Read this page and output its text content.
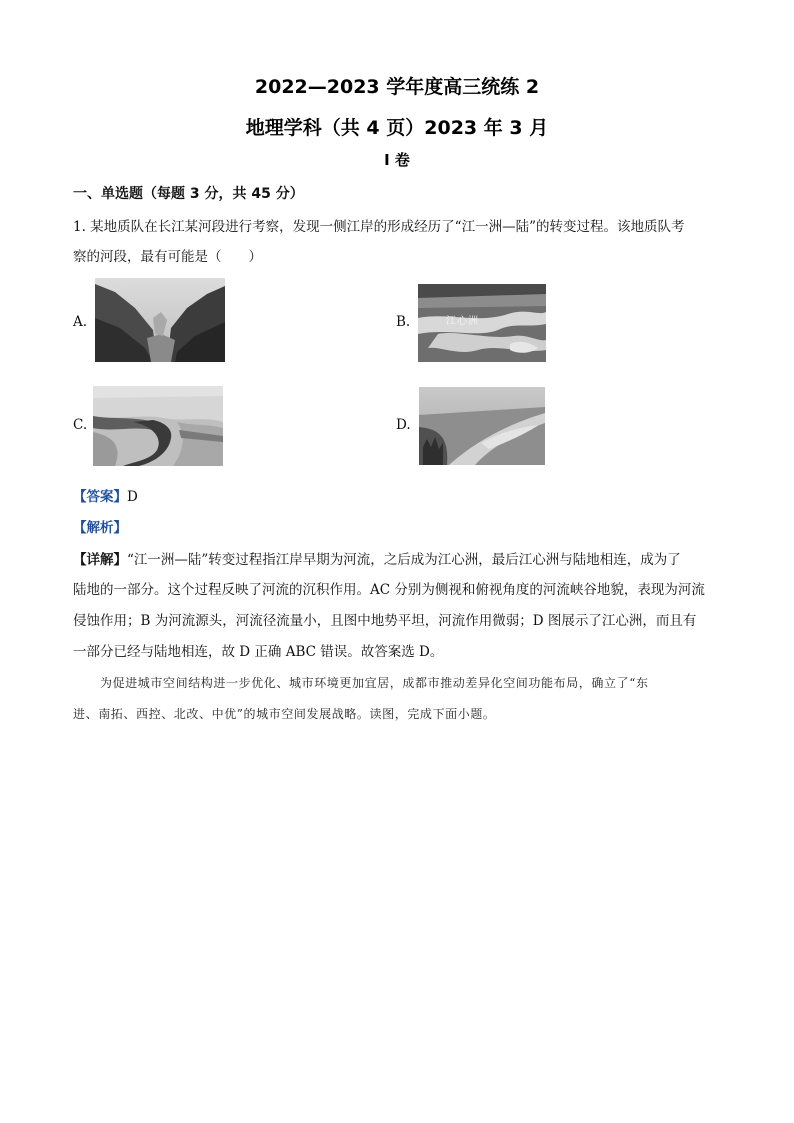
2022—2023 学年度高三统练 2
地理学科（共 4 页）2023 年 3 月
I 卷
一、单选题（每题 3 分，共 45 分）
1. 某地质队在长江某河段进行考察，发现一侧江岸的形成经历了“江一洲—陆”的转变过程。该地质队考
察的河段，最有可能是（　　）
A.	B.	江心洲
C.	D.
【答案】D
【解析】
【详解】“江一洲—陆”转变过程指江岸早期为河流，之后成为江心洲，最后江心洲与陆地相连，成为了
陆地的一部分。这个过程反映了河流的沉积作用。AC 分别为侧视和俯视角度的河流峡谷地貌，表现为河流
侵蚀作用；B 为河流源头，河流径流量小，且图中地势平坦，河流作用微弱；D 图展示了江心洲，而且有
一部分已经与陆地相连，故 D 正确 ABC 错误。故答案选 D。
为促进城市空间结构进一步优化、城市环境更加宜居，成都市推动差异化空间功能布局，确立了“东
进、南拓、西控、北改、中优”的城市空间发展战略。读图，完成下面小题。
